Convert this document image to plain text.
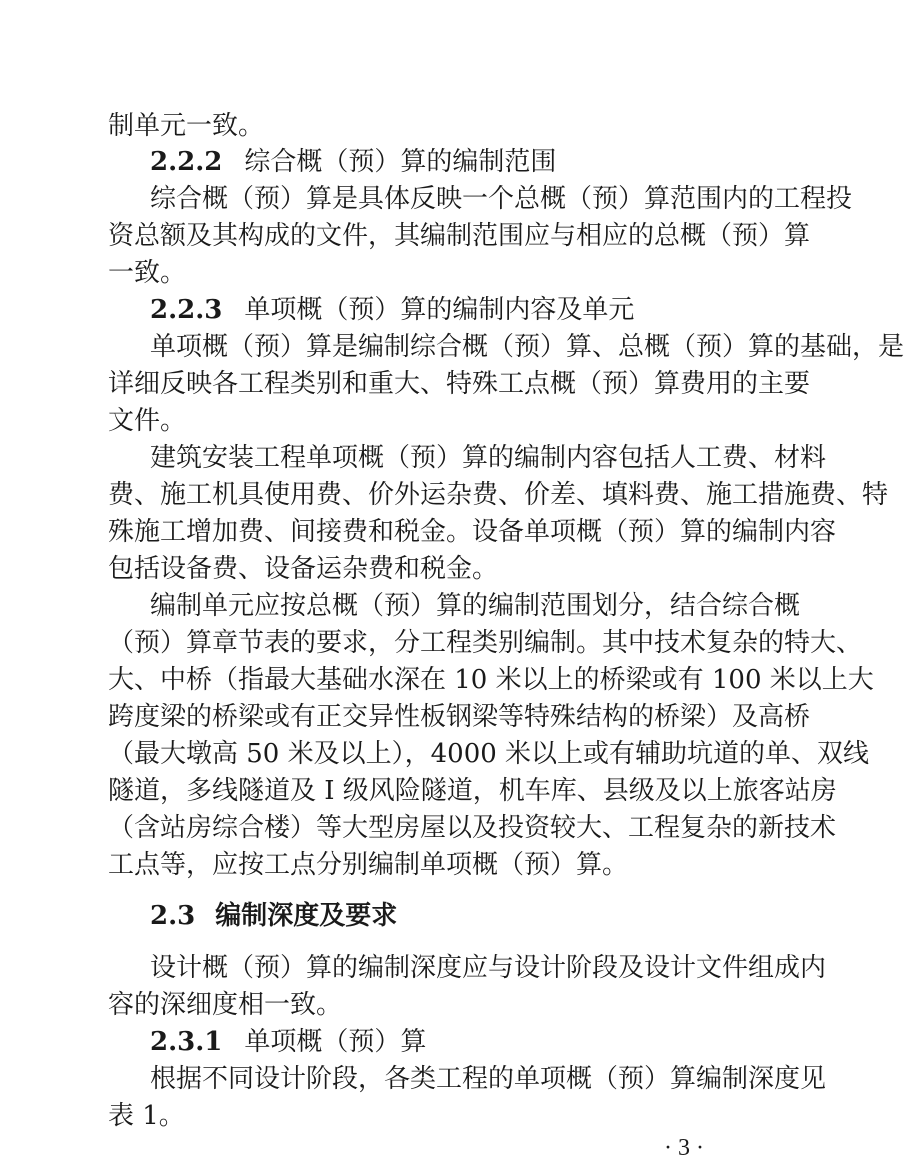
制单元一致。
2.2.2 综合概（预）算的编制范围
综合概（预）算是具体反映一个总概（预）算范围内的工程投
资总额及其构成的文件，其编制范围应与相应的总概（预）算
一致。
2.2.3 单项概（预）算的编制内容及单元
单项概（预）算是编制综合概（预）算、总概（预）算的基础，是
详细反映各工程类别和重大、特殊工点概（预）算费用的主要
文件。
建筑安装工程单项概（预）算的编制内容包括人工费、材料
费、施工机具使用费、价外运杂费、价差、填料费、施工措施费、特
殊施工增加费、间接费和税金。设备单项概（预）算的编制内容
包括设备费、设备运杂费和税金。
编制单元应按总概（预）算的编制范围划分，结合综合概
（预）算章节表的要求，分工程类别编制。其中技术复杂的特大、
大、中桥（指最大基础水深在 10 米以上的桥梁或有 100 米以上大
跨度梁的桥梁或有正交异性板钢梁等特殊结构的桥梁）及高桥
（最大墩高 50 米及以上），4000 米以上或有辅助坑道的单、双线
隧道，多线隧道及 Ⅰ 级风险隧道，机车库、县级及以上旅客站房
（含站房综合楼）等大型房屋以及投资较大、工程复杂的新技术
工点等，应按工点分别编制单项概（预）算。
2.3 编制深度及要求
设计概（预）算的编制深度应与设计阶段及设计文件组成内
容的深细度相一致。
2.3.1 单项概（预）算
根据不同设计阶段，各类工程的单项概（预）算编制深度见
表 1。
· 3 ·
